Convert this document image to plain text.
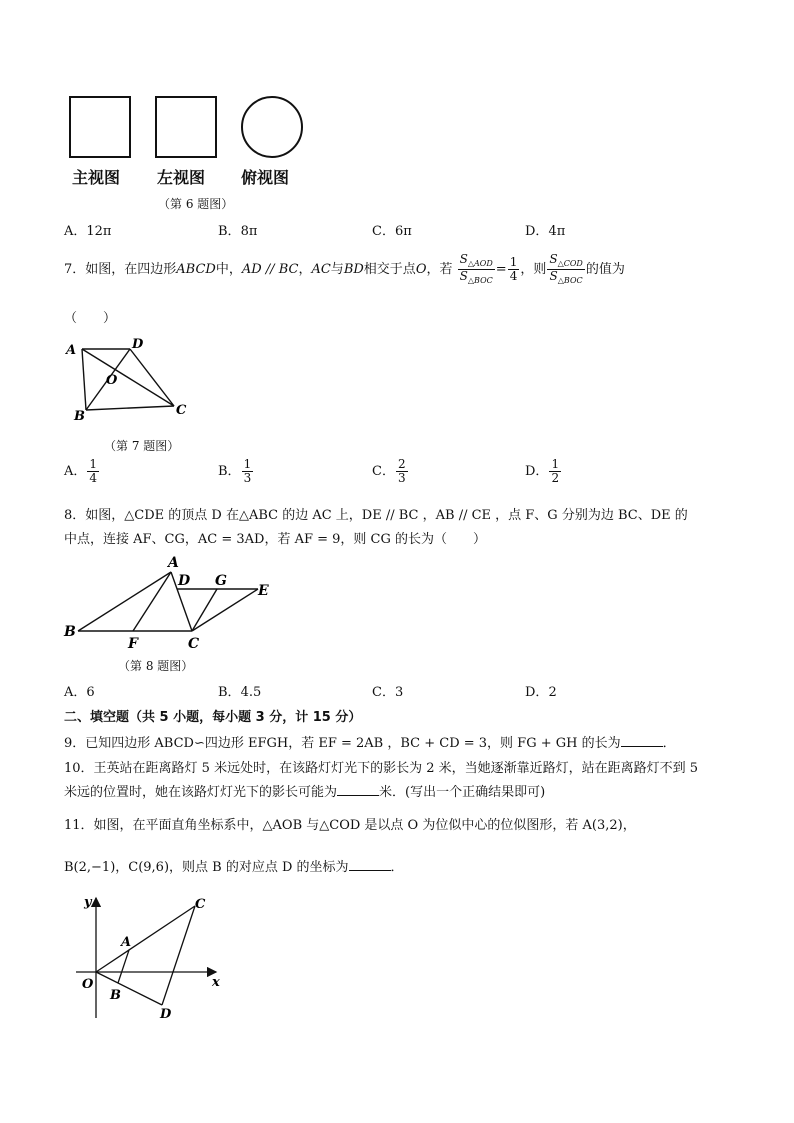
主视图 左视图 俯视图
（第 6 题图）
A．12π	B．8π	C．6π	D．4π
7．如图，在四边形ABCD中，AD // BC，AC与BD相交于点O，若 $\frac{S_{\triangle AOD}}{S_{\triangle BOC}} = \frac{1}{4}$ ，则 $\frac{S_{\triangle COD}}{S_{\triangle BOC}}$ 的值为
（　　）
A	D
O
B	C
（第 7 题图）
A． $\frac{1}{4}$	B． $\frac{1}{3}$	C． $\frac{2}{3}$	D． $\frac{1}{2}$
8．如图，△CDE 的顶点 D 在△ABC 的边 AC 上，DE // BC ，AB // CE ，点 F、G 分别为边 BC、DE 的
中点，连接 AF、CG，AC = 3AD，若 AF = 9，则 CG 的长为（　　）
A
D G
E
B
F	C
（第 8 题图）
A．6	B．4.5	C．3	D．2
二、填空题（共 5 小题，每小题 3 分，计 15 分）
9．已知四边形 ABCD∽四边形 EFGH，若 EF = 2AB ，BC + CD = 3，则 FG + GH 的长为	．
10．王英站在距离路灯 5 米远处时，在该路灯灯光下的影长为 2 米，当她逐渐靠近路灯，站在距离路灯不到 5
米远的位置时，她在该路灯灯光下的影长可能为	米．(写出一个正确结果即可)
11．如图，在平面直角坐标系中，△AOB 与△COD 是以点 O 为位似中心的位似图形，若 A(3,2)，
B(2,−1)，C(9,6)，则点 B 的对应点 D 的坐标为	．
y
x
O
A
B
C
D
